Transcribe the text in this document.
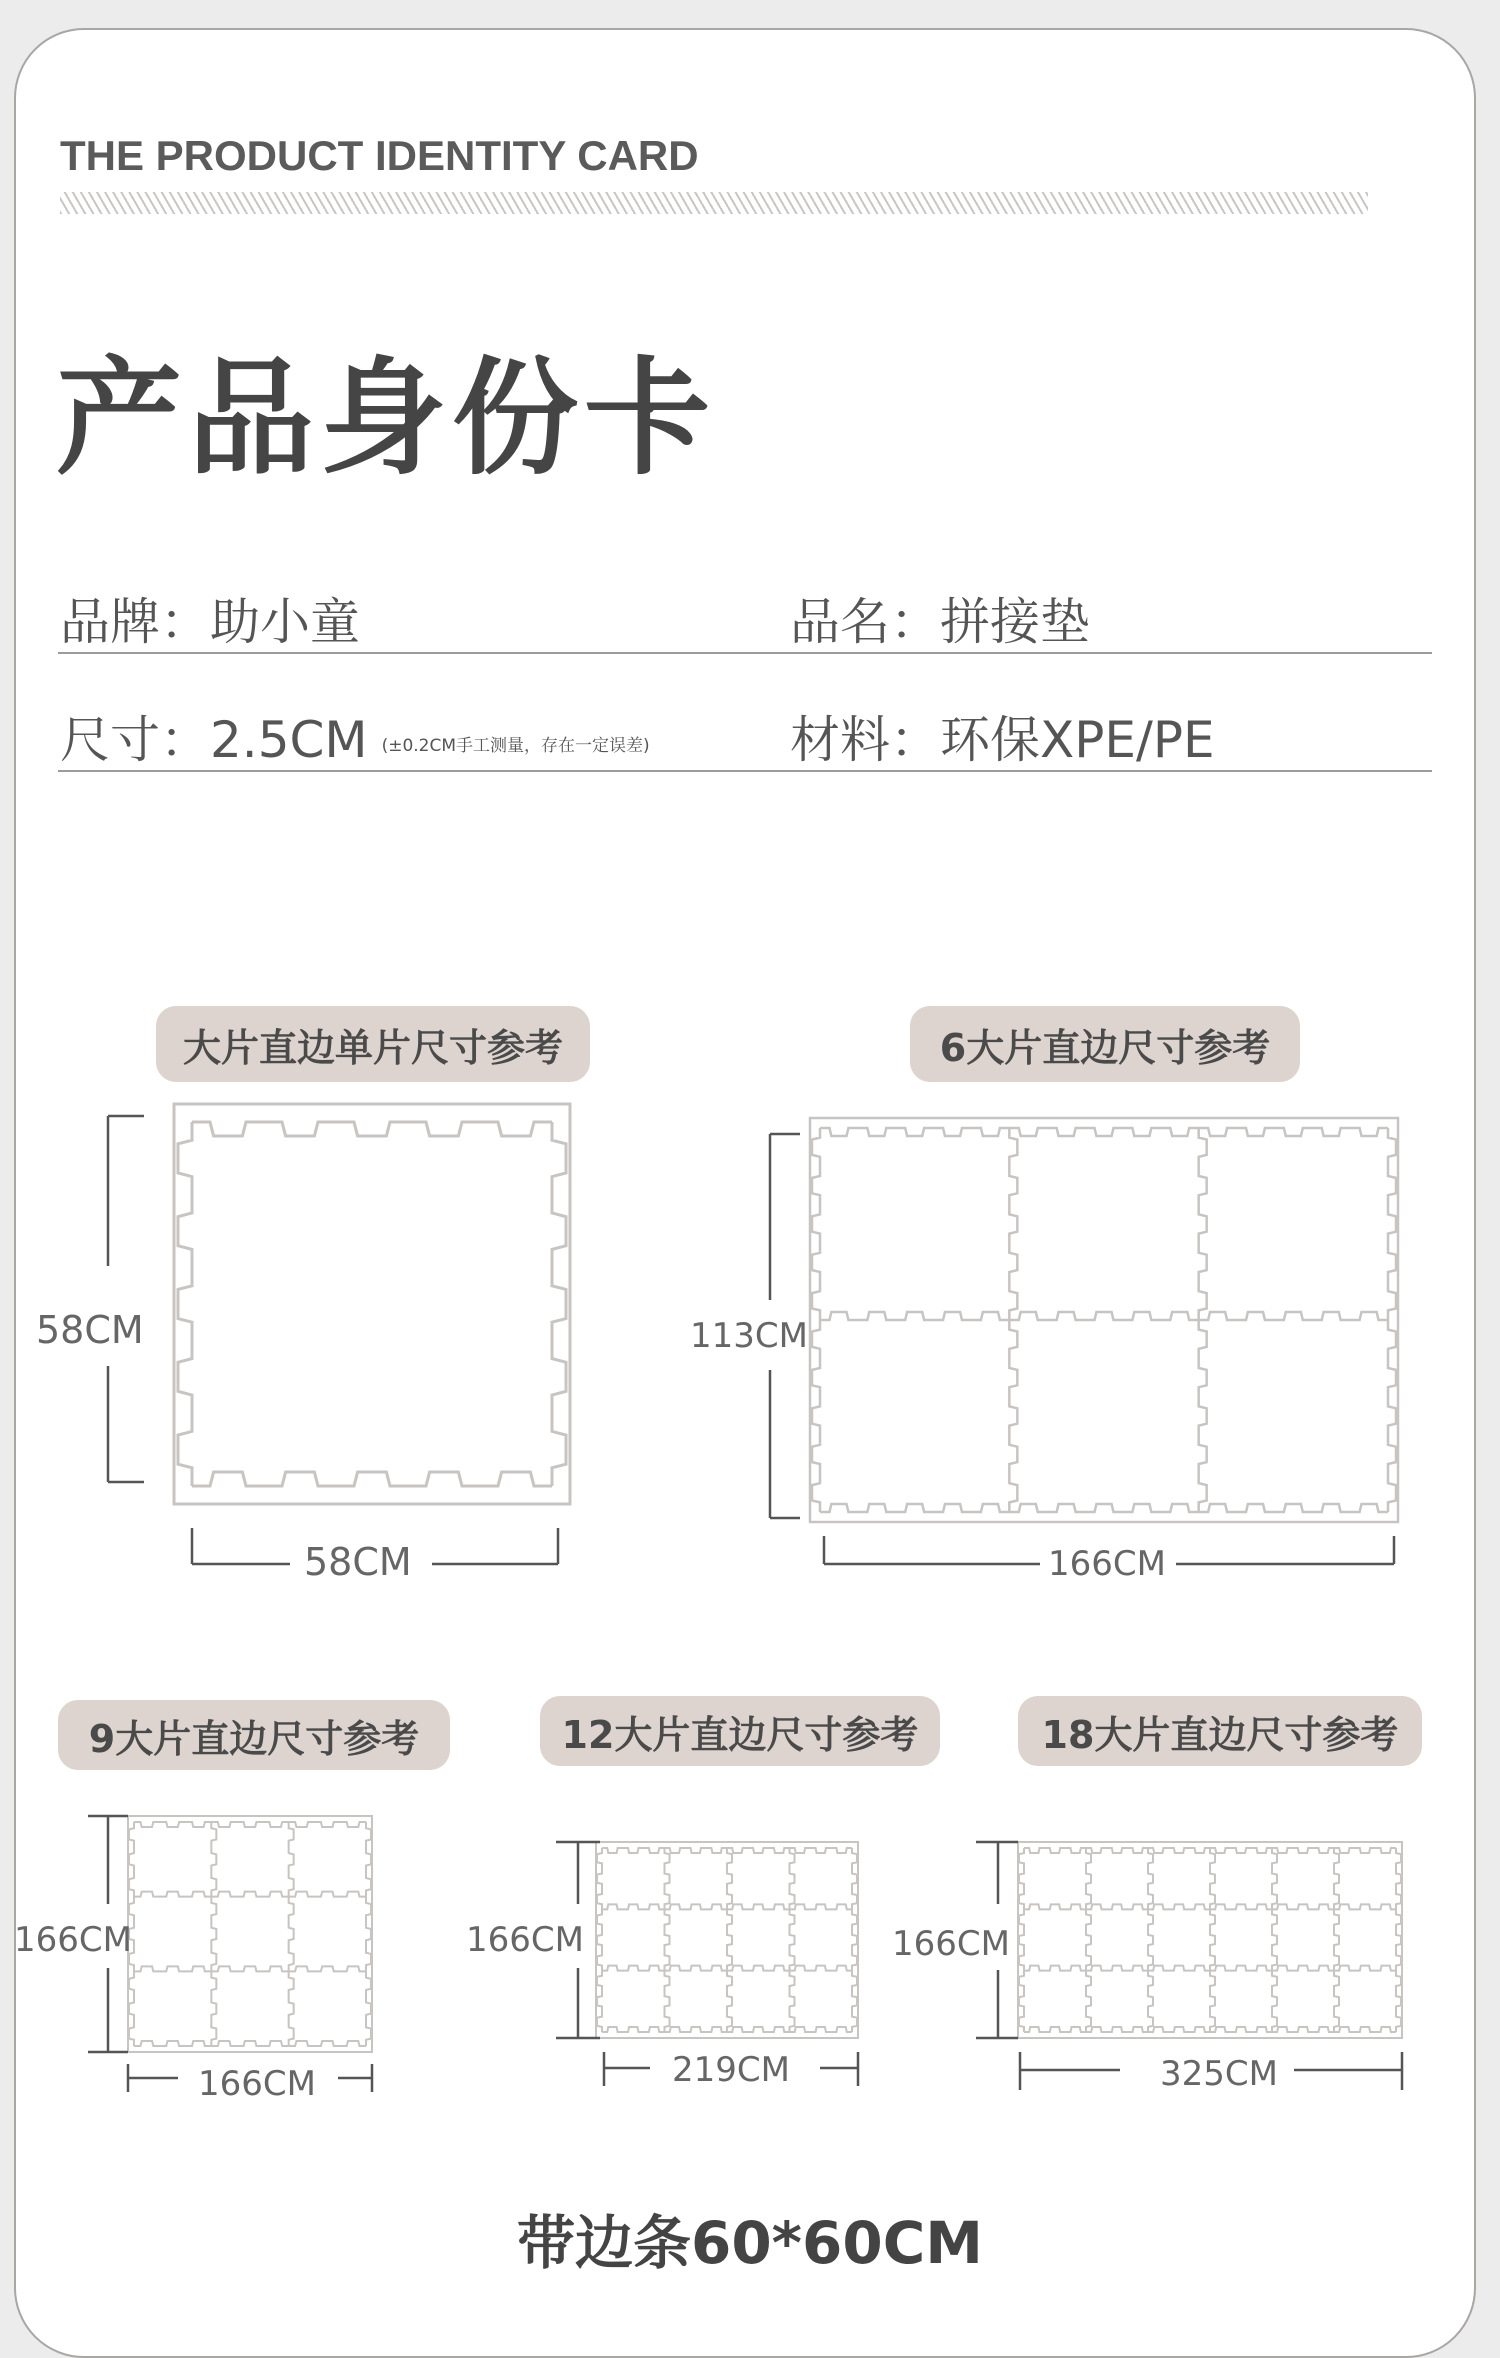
THE PRODUCT IDENTITY CARD
产品身份卡
品牌：助小童	品名：拼接垫
尺寸：2.5CM (±0.2CM手工测量，存在一定误差)	材料：环保XPE/PE
大片直边单片尺寸参考
58CM
58CM
6大片直边尺寸参考
113CM
166CM
9大片直边尺寸参考
166CM
166CM
12大片直边尺寸参考
166CM
219CM
18大片直边尺寸参考
166CM
325CM
带边条60*60CM
